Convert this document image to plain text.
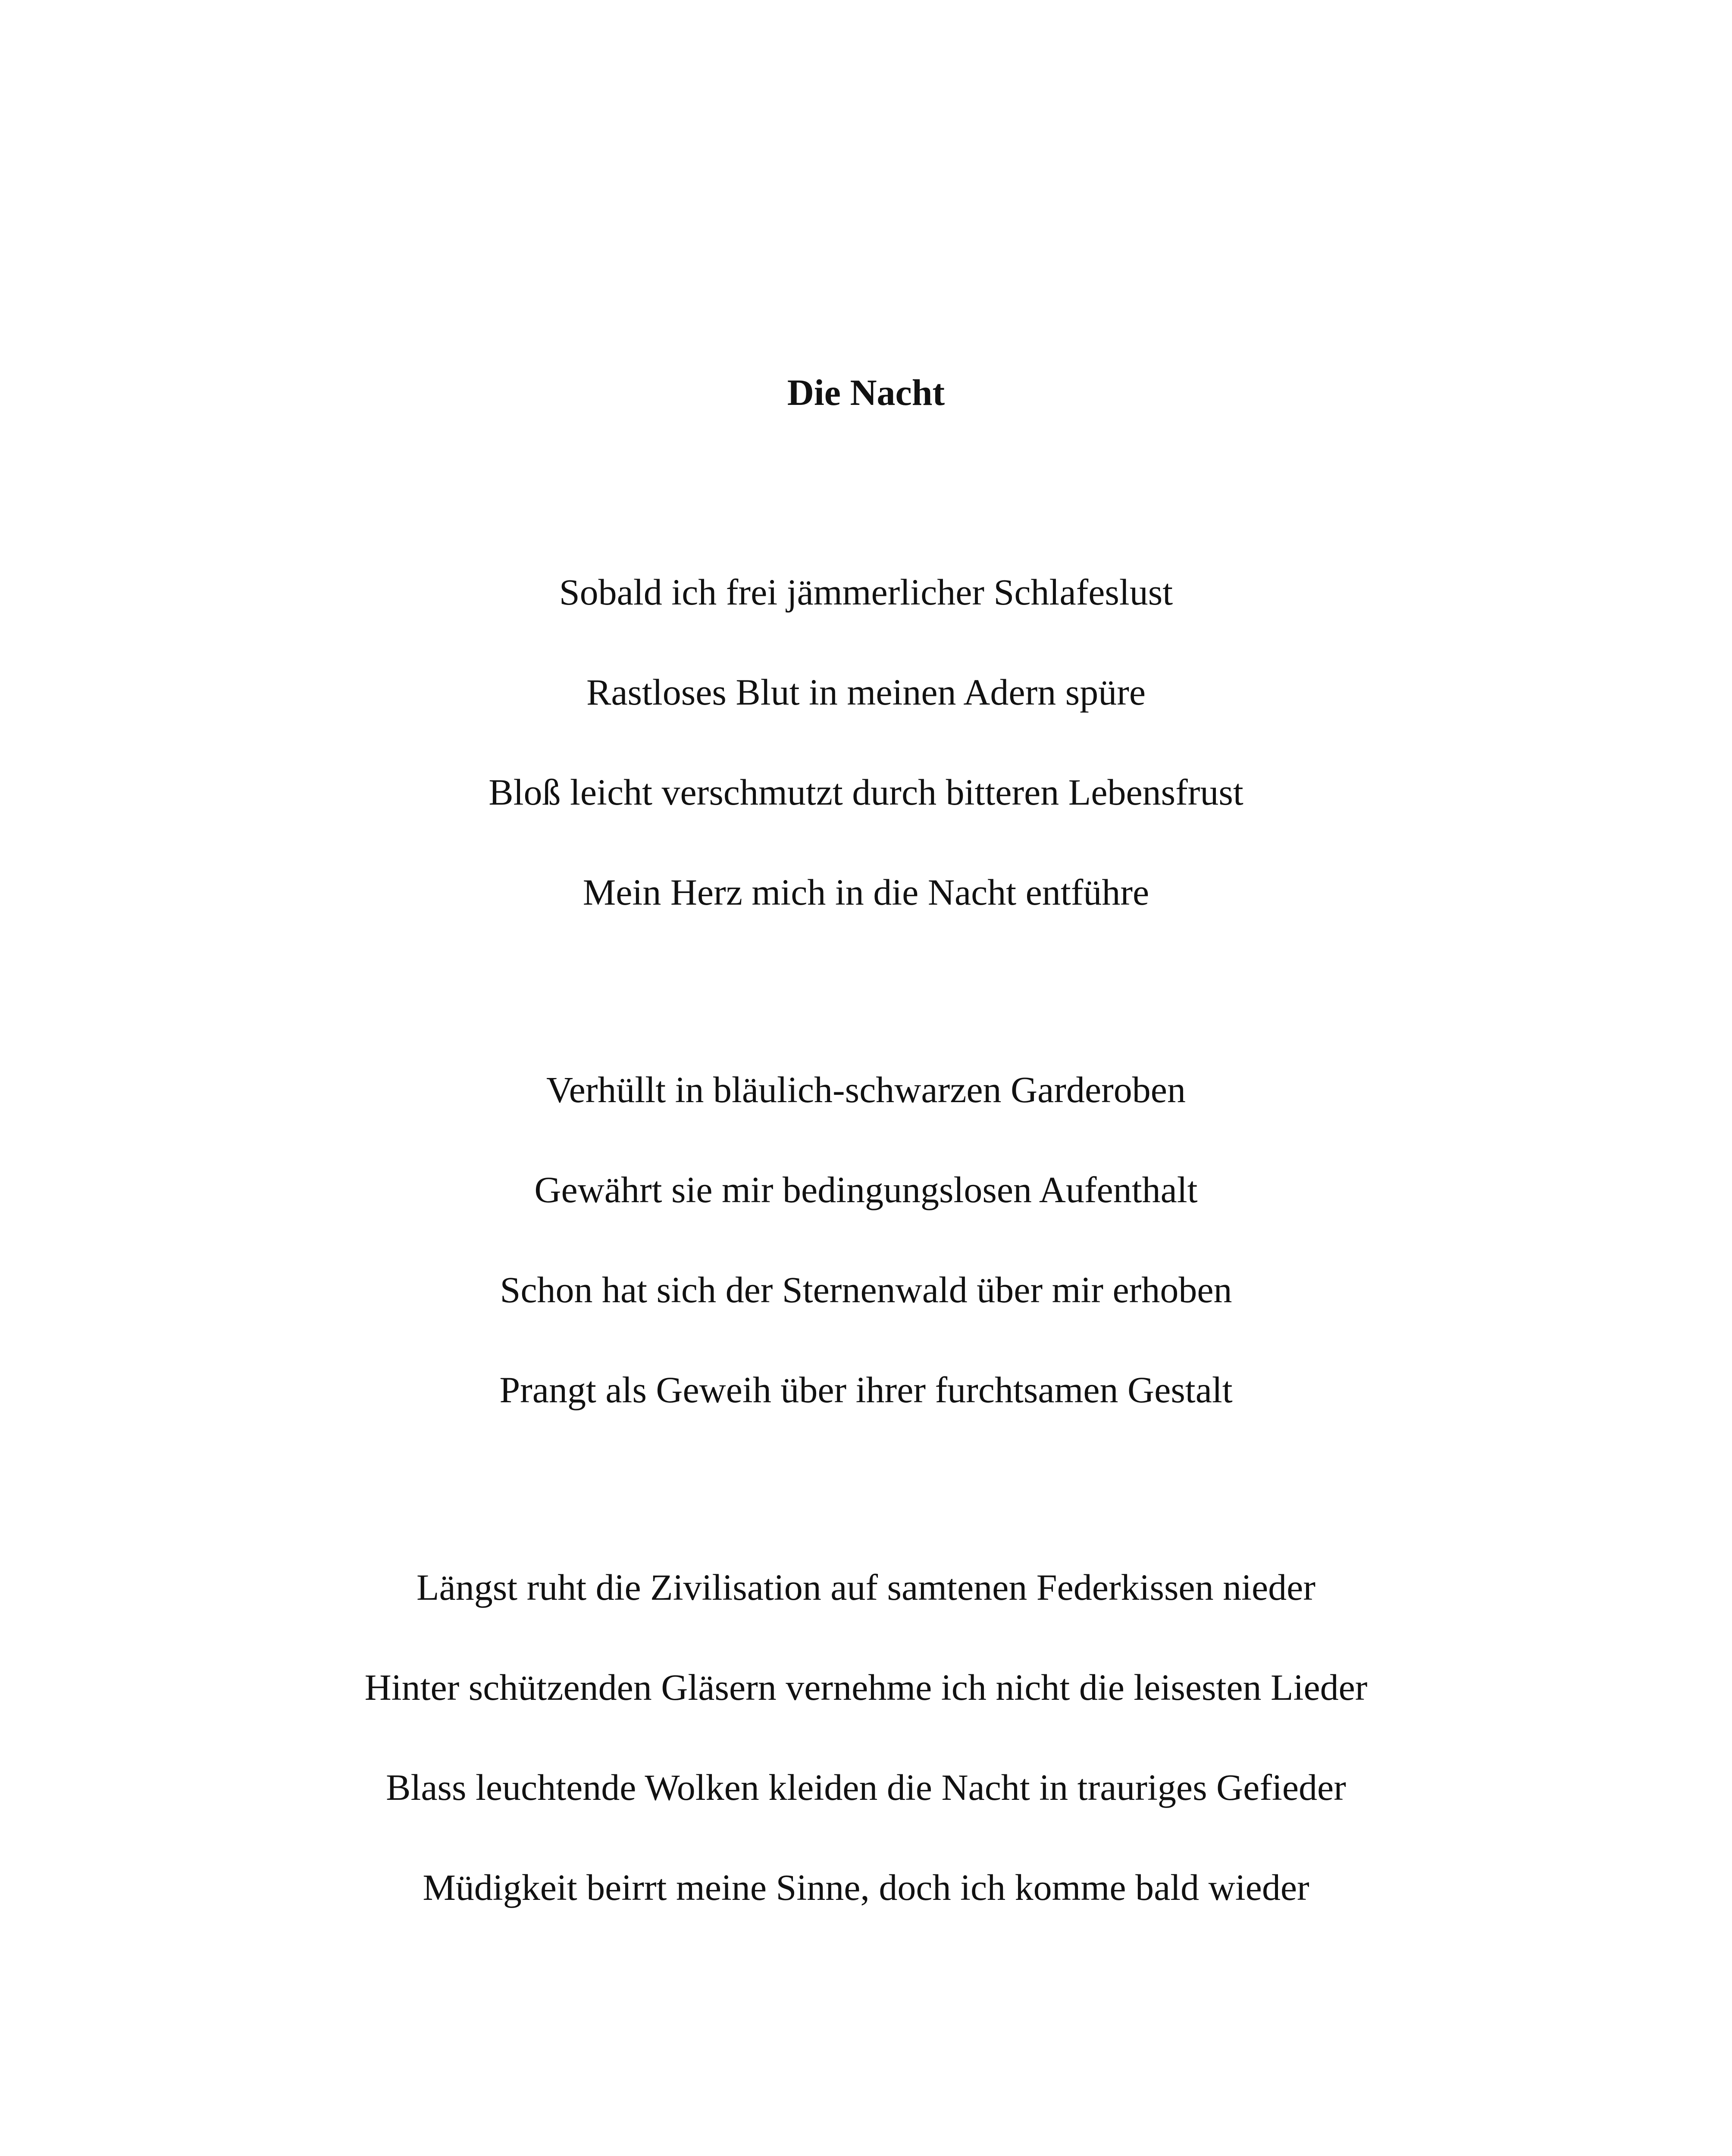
Die Nacht
Sobald ich frei jämmerlicher Schlafeslust
Rastloses Blut in meinen Adern spüre
Bloß leicht verschmutzt durch bitteren Lebensfrust
Mein Herz mich in die Nacht entführe
Verhüllt in bläulich-schwarzen Garderoben
Gewährt sie mir bedingungslosen Aufenthalt
Schon hat sich der Sternenwald über mir erhoben
Prangt als Geweih über ihrer furchtsamen Gestalt
Längst ruht die Zivilisation auf samtenen Federkissen nieder
Hinter schützenden Gläsern vernehme ich nicht die leisesten Lieder
Blass leuchtende Wolken kleiden die Nacht in trauriges Gefieder
Müdigkeit beirrt meine Sinne, doch ich komme bald wieder
